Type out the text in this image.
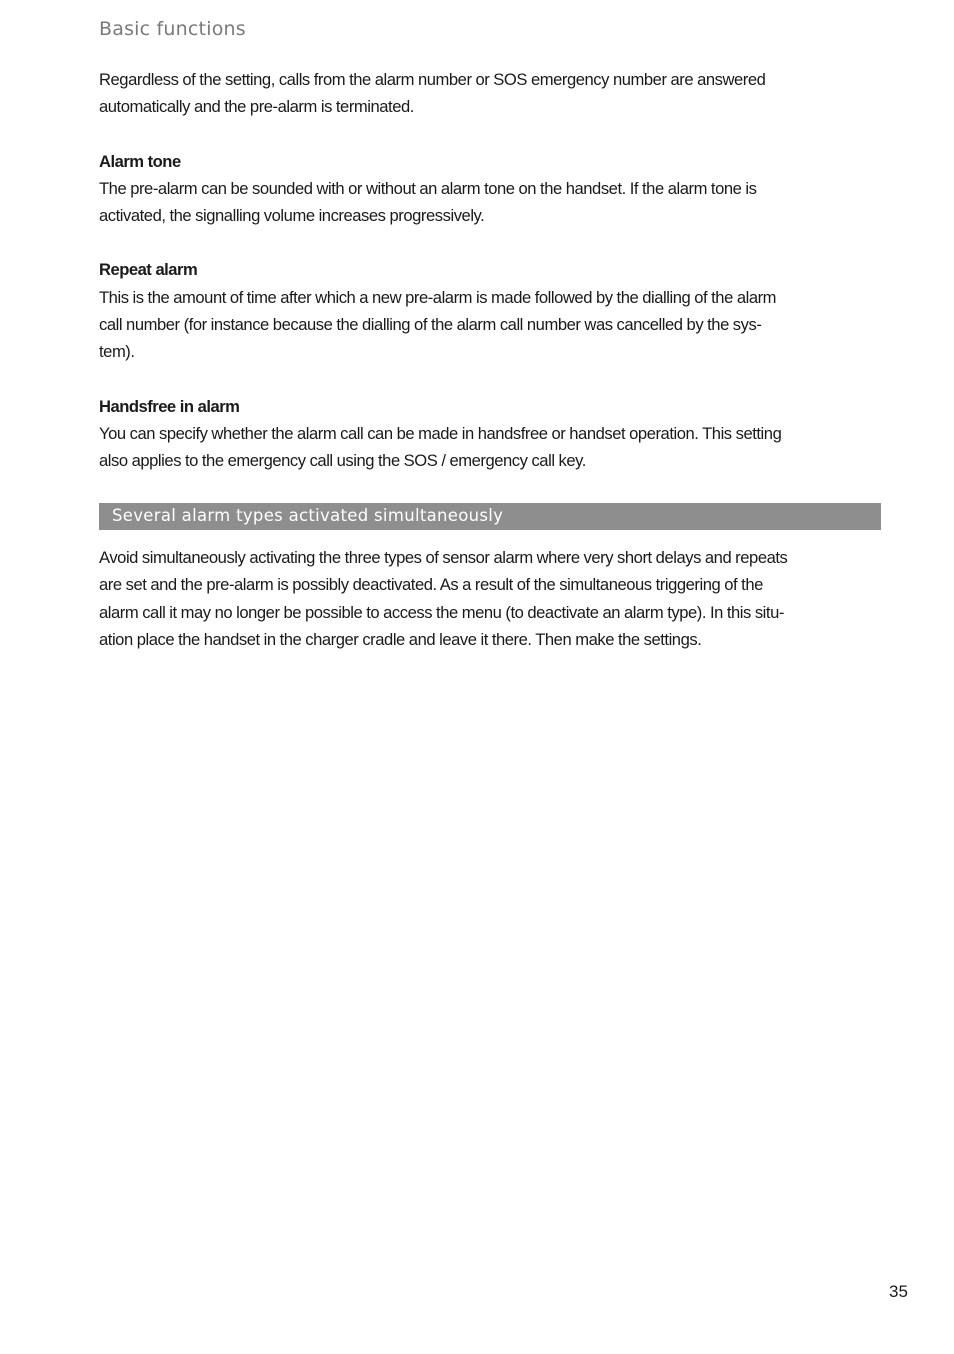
Basic functions

Regardless of the setting, calls from the alarm number or SOS emergency number are answered
automatically and the pre-alarm is terminated.

Alarm tone

The pre-alarm can be sounded with or without an alarm tone on the handset. If the alarm tone is
activated, the signalling volume increases progressively.

Repeat alarm

This is the amount of time after which a new pre-alarm is made followed by the dialling of the alarm
call number (for instance because the dialling of the alarm call number was cancelled by the sys-
tem).

Handsfree in alarm

You can specify whether the alarm call can be made in handsfree or handset operation. This setting
also applies to the emergency call using the SOS / emergency call key.

Several alarm types activated simultaneously

Avoid simultaneously activating the three types of sensor alarm where very short delays and repeats
are set and the pre-alarm is possibly deactivated. As a result of the simultaneous triggering of the
alarm call it may no longer be possible to access the menu (to deactivate an alarm type). In this situ-
ation place the handset in the charger cradle and leave it there. Then make the settings.

35
